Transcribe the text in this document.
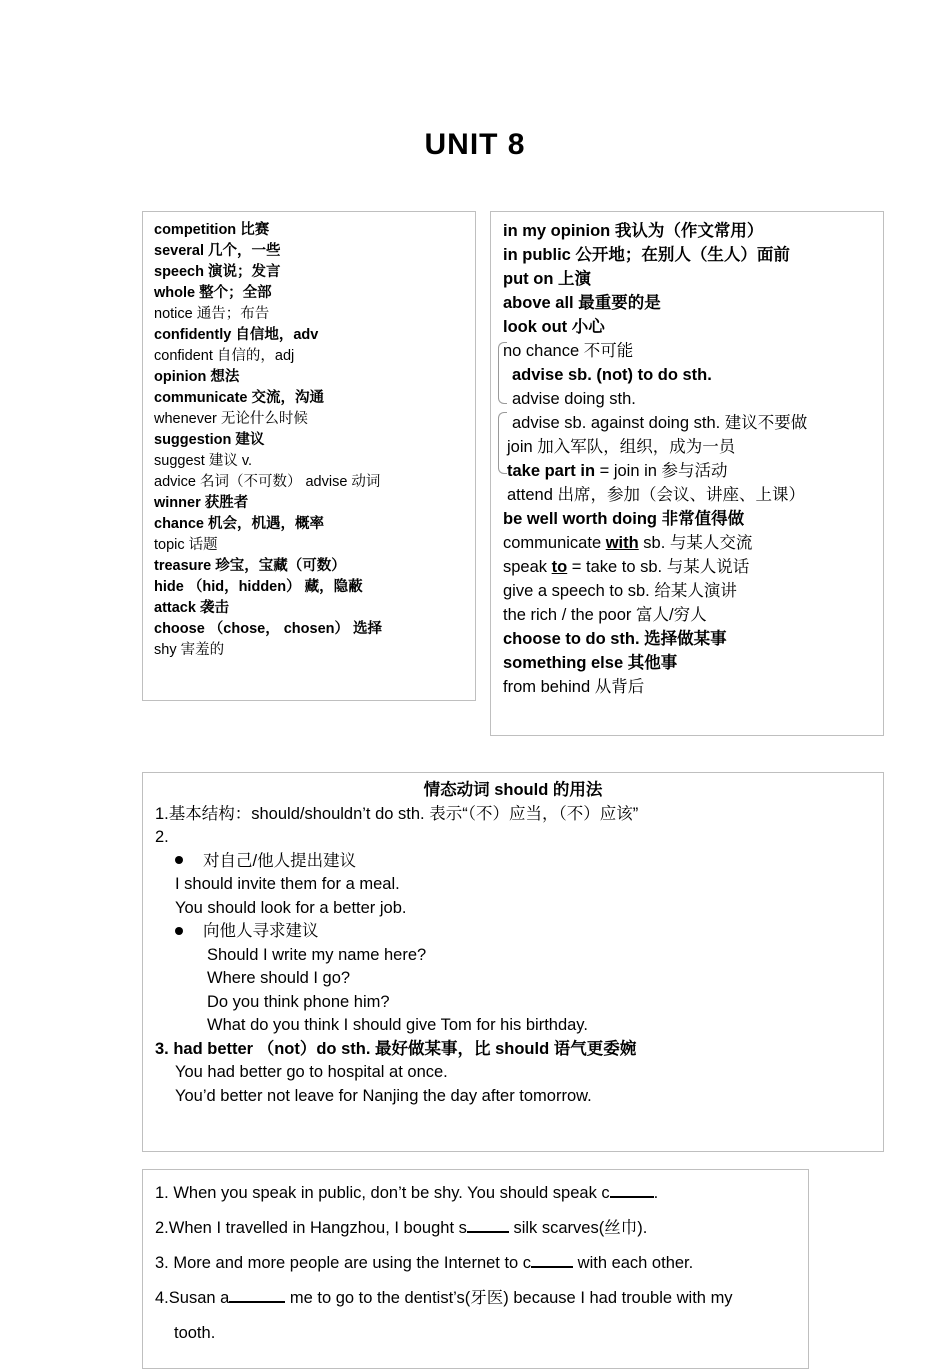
UNIT 8
competition 比赛
several 几个，一些
speech 演说；发言
whole 整个；全部
notice 通告；布告
confidently 自信地，adv
confident 自信的，adj
opinion 想法
communicate 交流，沟通
whenever 无论什么时候
suggestion 建议
suggest 建议 v.
advice 名词（不可数） advise 动词
winner 获胜者
chance 机会，机遇，概率
topic 话题
treasure 珍宝，宝藏（可数）
hide （hid，hidden） 藏，隐蔽
attack 袭击
choose （chose， chosen） 选择
shy 害羞的
in my opinion 我认为（作文常用）
in public 公开地；在别人（生人）面前
put on 上演
above all 最重要的是
look out 小心
no chance 不可能
advise sb. (not) to do sth.
advise doing sth.
advise sb. against doing sth. 建议不要做
join 加入军队，组织，成为一员
take part in = join in 参与活动
attend 出席，参加（会议、讲座、上课）
be well worth doing 非常值得做
communicate with sb. 与某人交流
speak to = take to sb. 与某人说话
give a speech to sb. 给某人演讲
the rich / the poor 富人/穷人
choose to do sth. 选择做某事
something else 其他事
from behind 从背后
情态动词 should 的用法
1.基本结构：should/shouldn’t do sth. 表示“（不）应当，（不）应该”
2.
对自己/他人提出建议
I should invite them for a meal.
You should look for a better job.
向他人寻求建议
Should I write my name here?
Where should I go?
Do you think phone him?
What do you think I should give Tom for his birthday.
3. had better （not）do sth. 最好做某事，比 should 语气更委婉
You had better go to hospital at once.
You’d better not leave for Nanjing the day after tomorrow.
1. When you speak in public, don’t be shy. You should speak c	.
2.When I travelled in Hangzhou, I bought s	silk scarves(丝巾).
3. More and more people are using the Internet to c	with each other.
4.Susan a	me to go to the dentist’s(牙医) because I had trouble with my
tooth.
